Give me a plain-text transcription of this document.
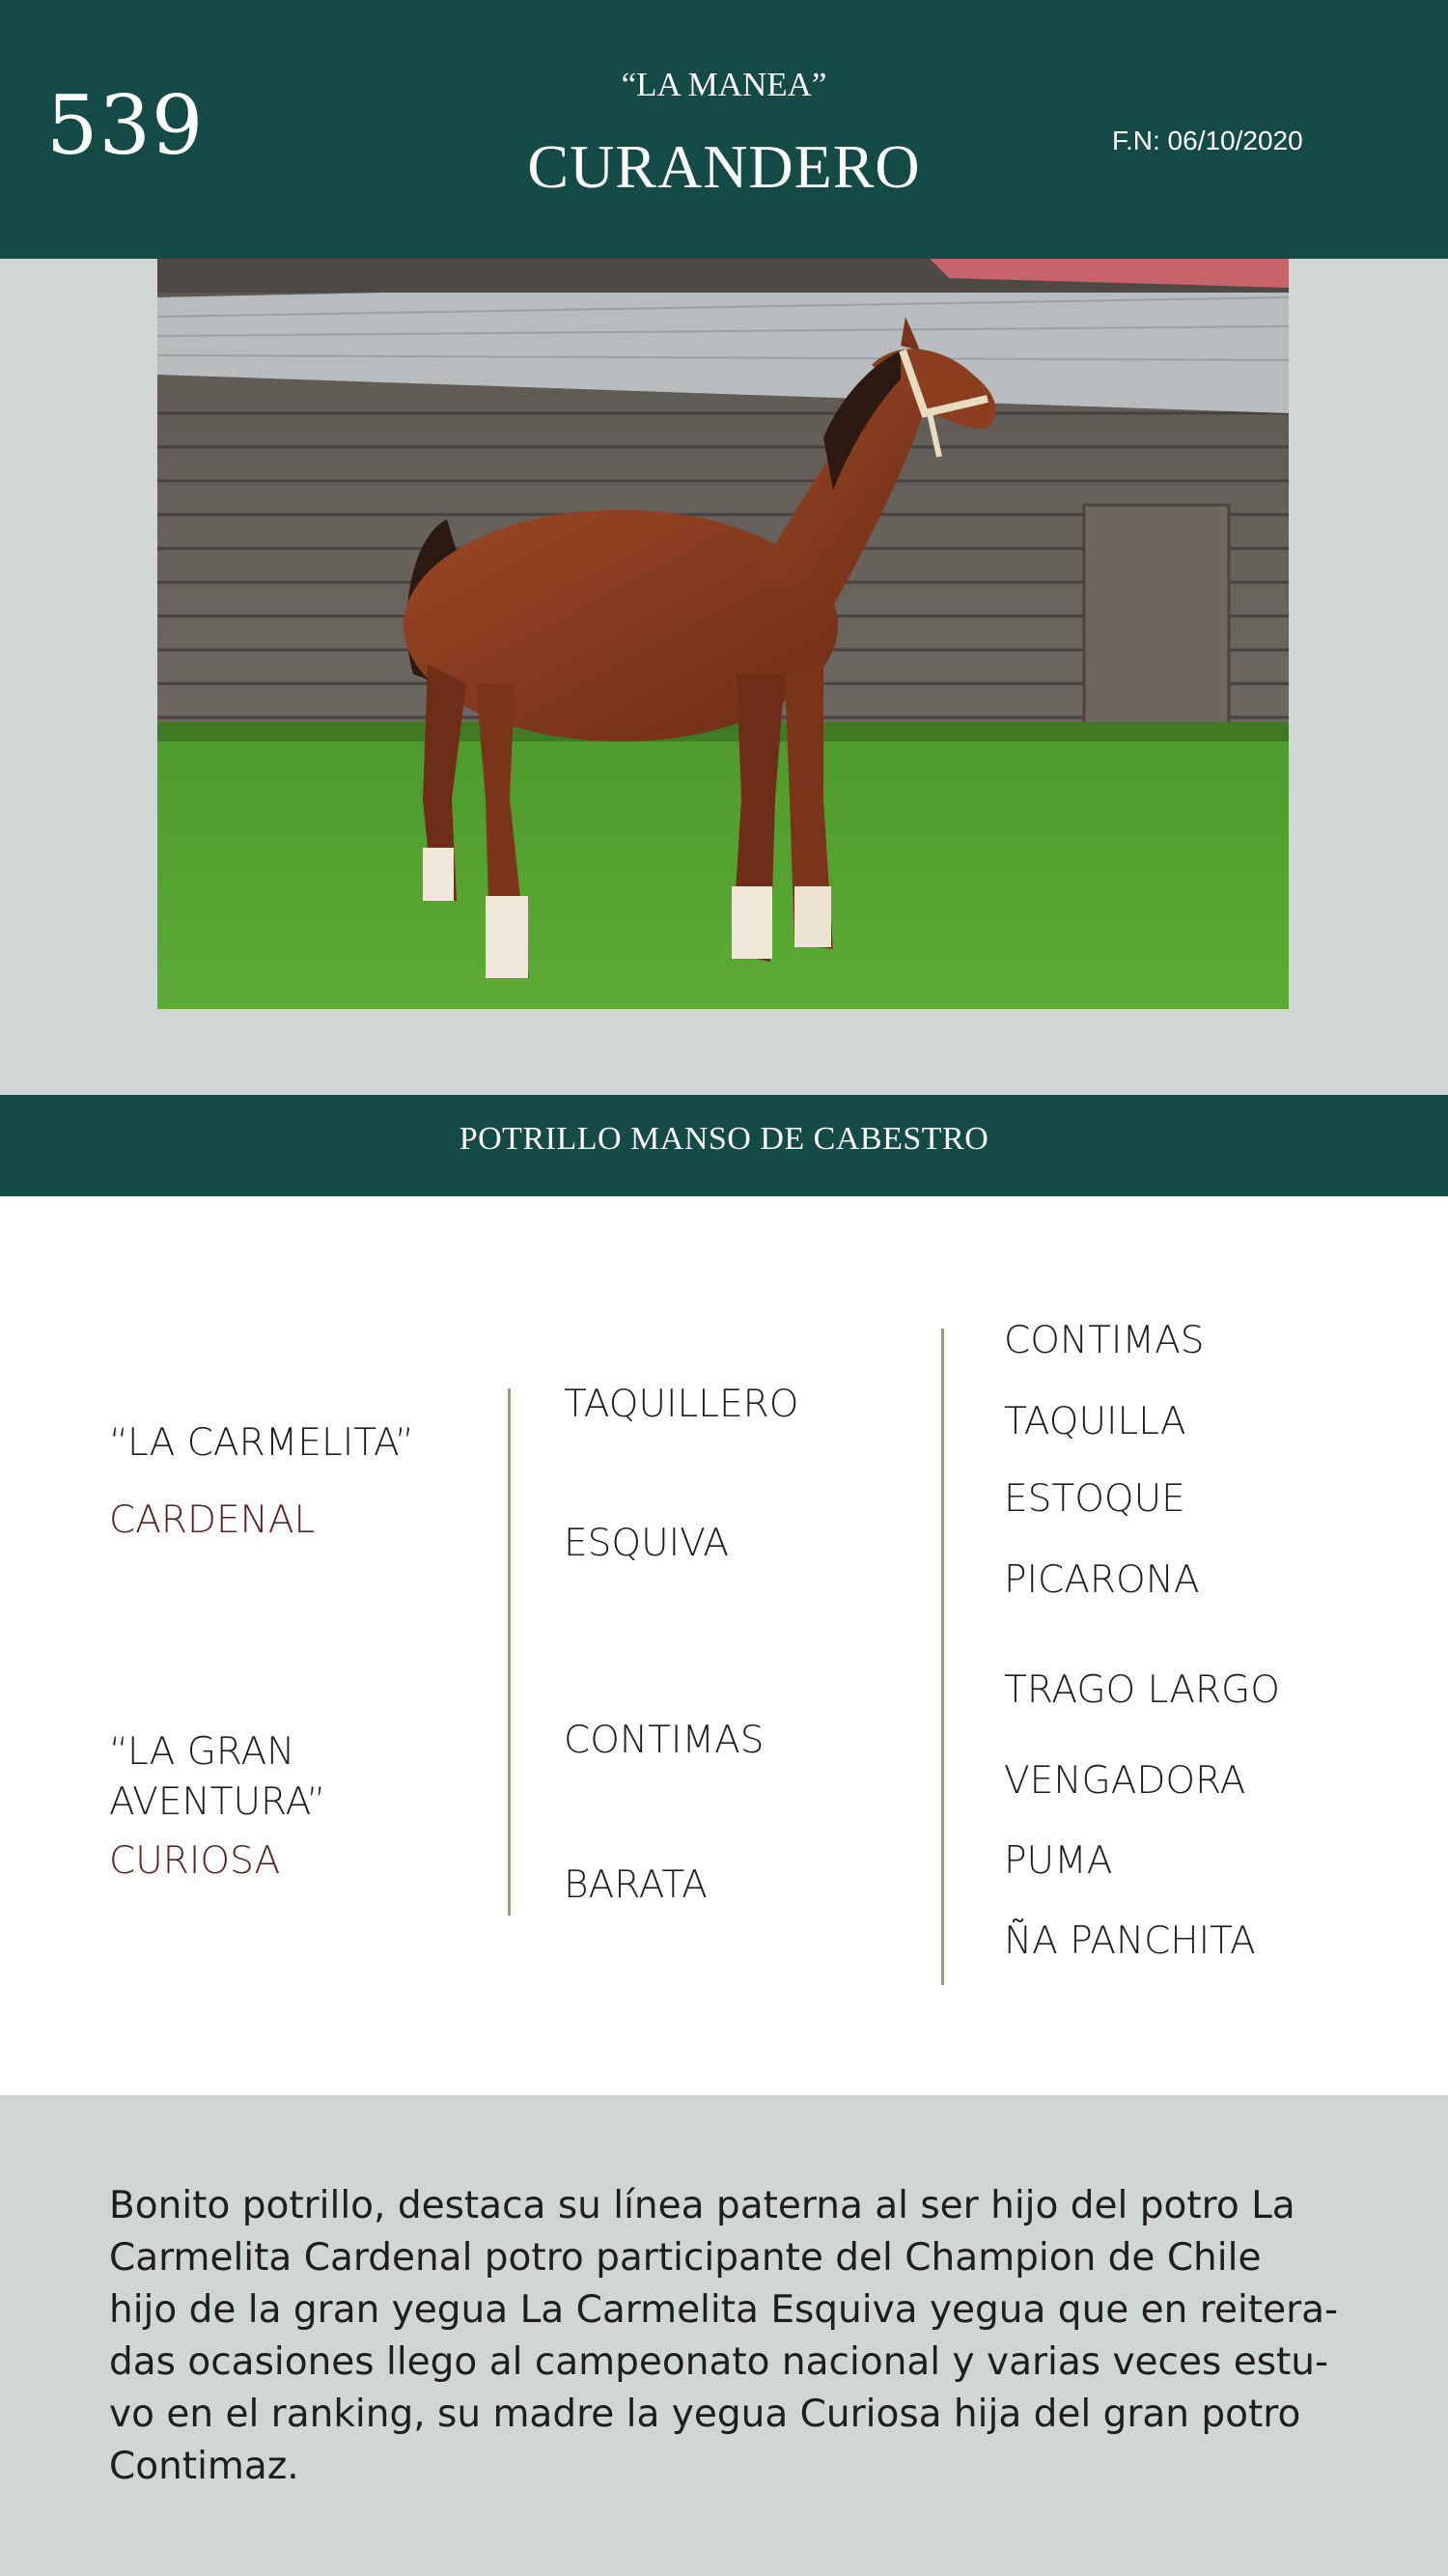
539	“LA MANEA”
CURANDERO	F.N: 06/10/2020
POTRILLO MANSO DE CABESTRO
“LA CARMELITA”
CARDENAL
“LA GRAN
AVENTURA”
CURIOSA
TAQUILLERO
ESQUIVA
CONTIMAS
BARATA
CONTIMAS
TAQUILLA
ESTOQUE
PICARONA
TRAGO LARGO
VENGADORA
PUMA
ÑA PANCHITA
Bonito potrillo, destaca su línea paterna al ser hijo del potro La
Carmelita Cardenal potro participante del Champion de Chile
hijo de la gran yegua La Carmelita Esquiva yegua que en reitera-
das ocasiones llego al campeonato nacional y varias veces estu-
vo en el ranking, su madre la yegua Curiosa hija del gran potro
Contimaz.
